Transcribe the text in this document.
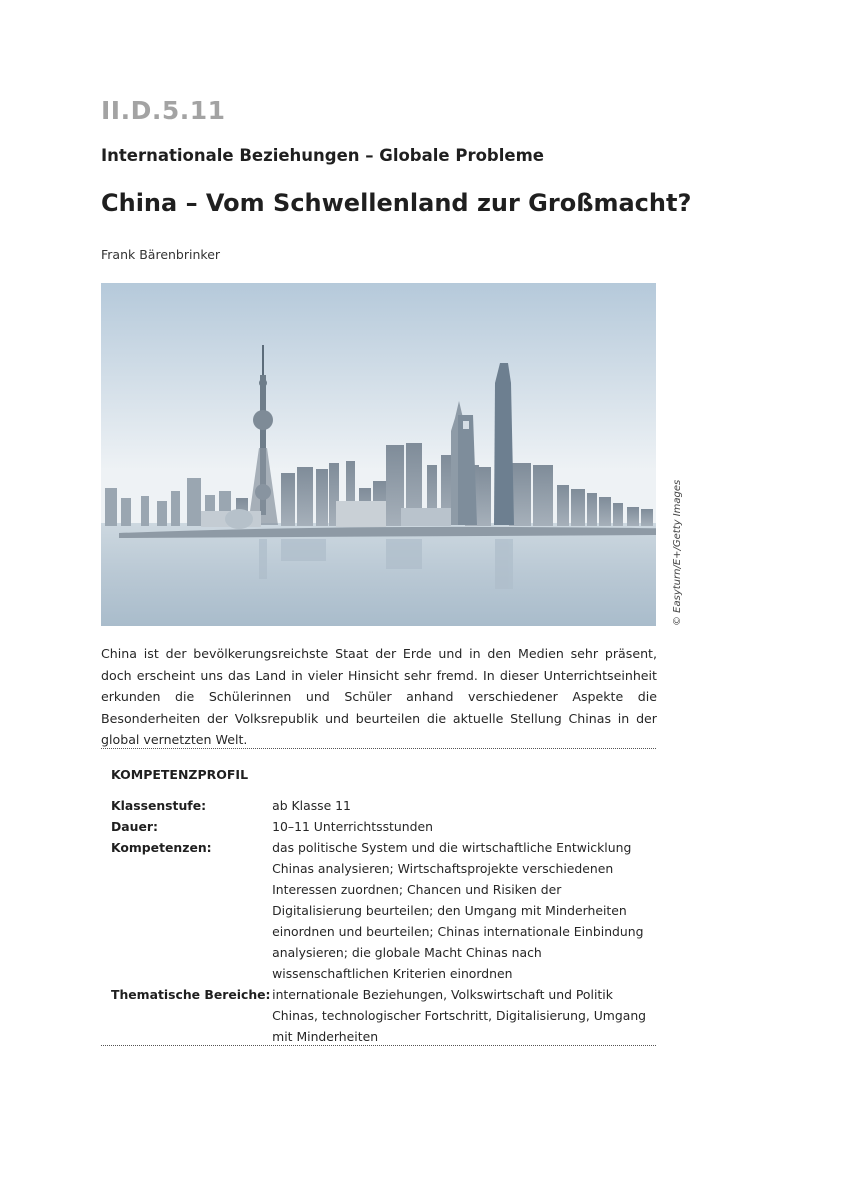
II.D.5.11
Internationale Beziehungen – Globale Probleme
China – Vom Schwellenland zur Großmacht?
Frank Bärenbrinker
© Easyturn/E+/Getty Images

China ist der bevölkerungsreichste Staat der Erde und in den Medien sehr präsent, doch erscheint uns das Land in vieler Hinsicht sehr fremd. In dieser Unterrichtseinheit erkunden die Schülerinnen und Schüler anhand verschiedener Aspekte die Besonderheiten der Volksrepublik und beurteilen die aktuelle Stellung Chinas in der global vernetzten Welt.

KOMPETENZPROFIL
Klassenstufe:	ab Klasse 11
Dauer:	10–11 Unterrichtsstunden
Kompetenzen:	das politische System und die wirtschaftliche Entwicklung Chinas analysieren; Wirtschaftsprojekte verschiedenen Interessen zuordnen; Chancen und Risiken der Digitalisierung beurteilen; den Umgang mit Minderheiten einordnen und beurteilen; Chinas internationale Einbindung analysieren; die globale Macht Chinas nach wissenschaftlichen Kriterien einordnen
Thematische Bereiche:	internationale Beziehungen, Volkswirtschaft und Politik Chinas, technologischer Fortschritt, Digitalisierung, Umgang mit Minderheiten
